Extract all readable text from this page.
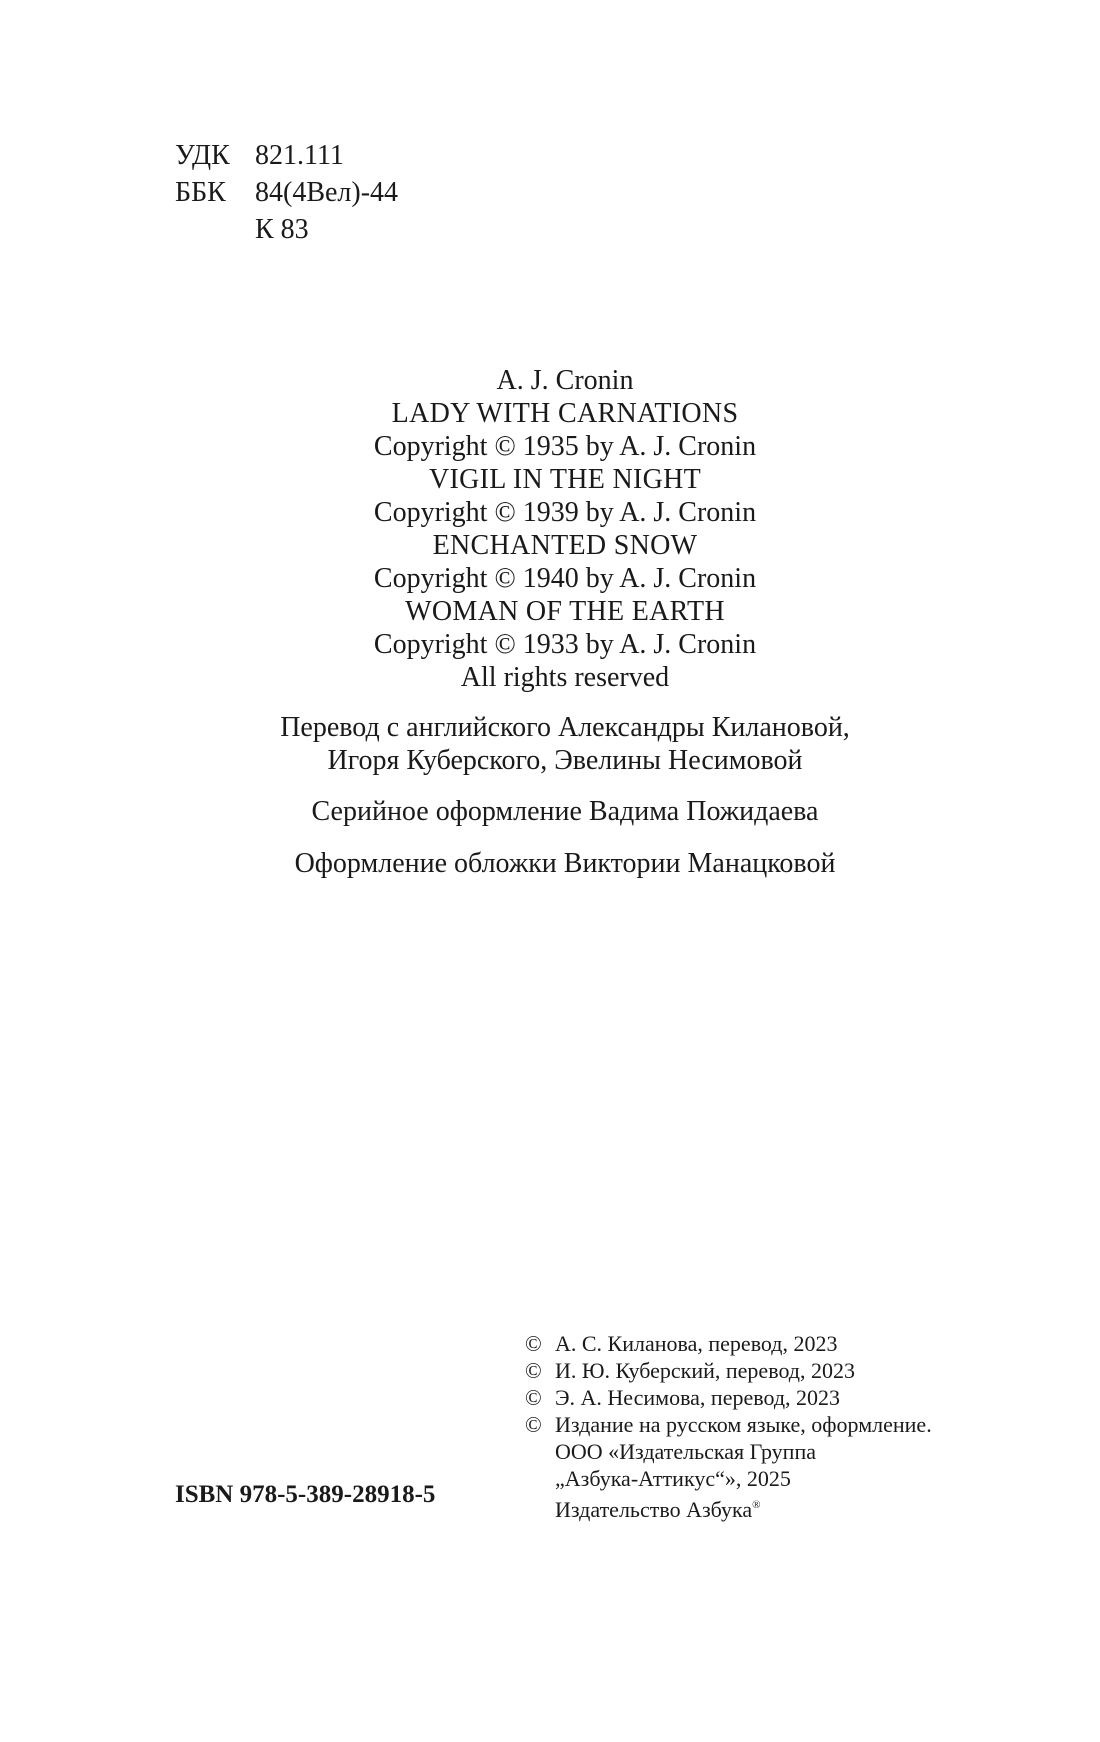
УДК 821.111
ББК	84(4Вел)-44
К 83
A. J. Cronin
LADY WITH CARNATIONS
Copyright © 1935 by A. J. Cronin
VIGIL IN THE NIGHT
Copyright © 1939 by A. J. Cronin
ENCHANTED SNOW
Copyright © 1940 by A. J. Cronin
WOMAN OF THE EARTH
Copyright © 1933 by A. J. Cronin
All rights reserved
Перевод с английского Александры Килановой,
Игоря Куберского, Эвелины Несимовой
Серийное оформление Вадима Пожидаева
Оформление обложки Виктории Манацковой
© А. С. Киланова, перевод, 2023
© И. Ю. Куберский, перевод, 2023
© Э. А. Несимова, перевод, 2023
© Издание на русском языке, оформление.
ООО «Издательская Группа
„Азбука-Аттикус“», 2025
Издательство Азбука®
ISBN 978-5-389-28918-5
